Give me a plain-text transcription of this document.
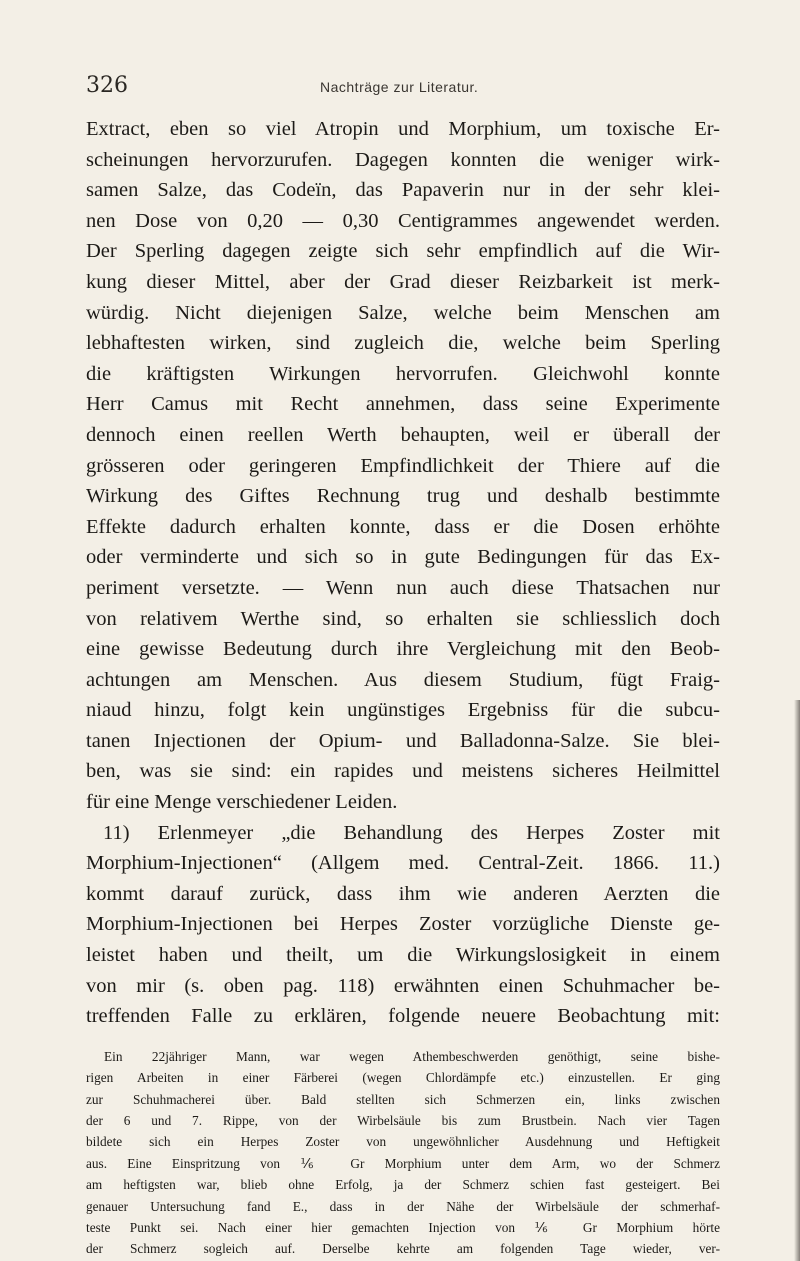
326	Nachträge zur Literatur.
Extract, eben so viel Atropin und Morphium, um toxische Er-
scheinungen hervorzurufen. Dagegen konnten die weniger wirk-
samen Salze, das Codeïn, das Papaverin nur in der sehr klei-
nen Dose von 0,20 — 0,30 Centigrammes angewendet werden.
Der Sperling dagegen zeigte sich sehr empfindlich auf die Wir-
kung dieser Mittel, aber der Grad dieser Reizbarkeit ist merk-
würdig. Nicht diejenigen Salze, welche beim Menschen am
lebhaftesten wirken, sind zugleich die, welche beim Sperling
die kräftigsten Wirkungen hervorrufen. Gleichwohl konnte
Herr Camus mit Recht annehmen, dass seine Experimente
dennoch einen reellen Werth behaupten, weil er überall der
grösseren oder geringeren Empfindlichkeit der Thiere auf die
Wirkung des Giftes Rechnung trug und deshalb bestimmte
Effekte dadurch erhalten konnte, dass er die Dosen erhöhte
oder verminderte und sich so in gute Bedingungen für das Ex-
periment versetzte. — Wenn nun auch diese Thatsachen nur
von relativem Werthe sind, so erhalten sie schliesslich doch
eine gewisse Bedeutung durch ihre Vergleichung mit den Beob-
achtungen am Menschen. Aus diesem Studium, fügt Fraig-
niaud hinzu, folgt kein ungünstiges Ergebniss für die subcu-
tanen Injectionen der Opium- und Balladonna-Salze. Sie blei-
ben, was sie sind: ein rapides und meistens sicheres Heilmittel
für eine Menge verschiedener Leiden.
11) Erlenmeyer „die Behandlung des Herpes Zoster mit
Morphium-Injectionen“ (Allgem med. Central-Zeit. 1866. 11.)
kommt darauf zurück, dass ihm wie anderen Aerzten die
Morphium-Injectionen bei Herpes Zoster vorzügliche Dienste ge-
leistet haben und theilt, um die Wirkungslosigkeit in einem
von mir (s. oben pag. 118) erwähnten einen Schuhmacher be-
treffenden Falle zu erklären, folgende neuere Beobachtung mit:
Ein 22jähriger Mann, war wegen Athembeschwerden genöthigt, seine bishe-
rigen Arbeiten in einer Färberei (wegen Chlordämpfe etc.) einzustellen. Er ging
zur Schuhmacherei über. Bald stellten sich Schmerzen ein, links zwischen
der 6 und 7. Rippe, von der Wirbelsäule bis zum Brustbein. Nach vier Tagen
bildete sich ein Herpes Zoster von ungewöhnlicher Ausdehnung und Heftigkeit
aus. Eine Einspritzung von ⅙ Gr Morphium unter dem Arm, wo der Schmerz
am heftigsten war, blieb ohne Erfolg, ja der Schmerz schien fast gesteigert. Bei
genauer Untersuchung fand E., dass in der Nähe der Wirbelsäule der schmerhaf-
teste Punkt sei. Nach einer hier gemachten Injection von ⅙ Gr Morphium hörte
der Schmerz sogleich auf. Derselbe kehrte am folgenden Tage wieder, ver-
